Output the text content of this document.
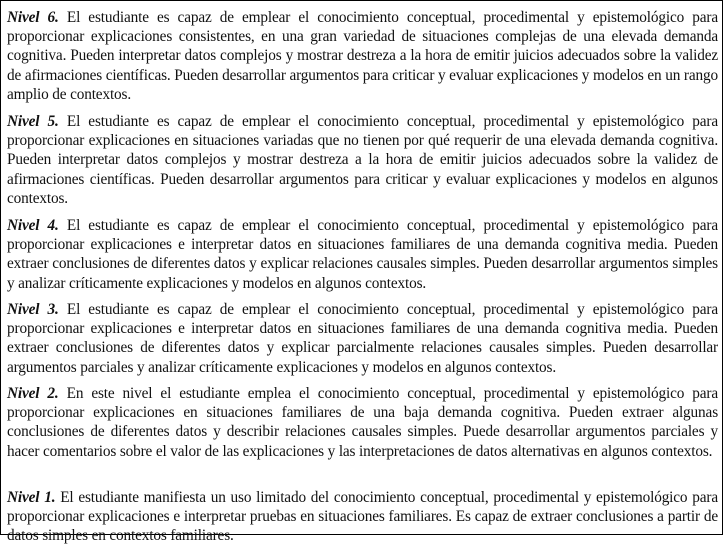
Nivel 6. El estudiante es capaz de emplear el conocimiento conceptual, procedimental y epistemológico para proporcionar explicaciones consistentes, en una gran variedad de situaciones complejas de una elevada demanda cognitiva. Pueden interpretar datos complejos y mostrar destreza a la hora de emitir juicios adecuados sobre la validez de afirmaciones científicas. Pueden desarrollar argumentos para criticar y evaluar explicaciones y modelos en un rango amplio de contextos.

Nivel 5. El estudiante es capaz de emplear el conocimiento conceptual, procedimental y epistemológico para proporcionar explicaciones en situaciones variadas que no tienen por qué requerir de una elevada demanda cognitiva. Pueden interpretar datos complejos y mostrar destreza a la hora de emitir juicios adecuados sobre la validez de afirmaciones científicas. Pueden desarrollar argumentos para criticar y evaluar explicaciones y modelos en algunos contextos.

Nivel 4. El estudiante es capaz de emplear el conocimiento conceptual, procedimental y epistemológico para proporcionar explicaciones e interpretar datos en situaciones familiares de una demanda cognitiva media. Pueden extraer conclusiones de diferentes datos y explicar relaciones causales simples. Pueden desarrollar argumentos simples y analizar críticamente explicaciones y modelos en algunos contextos.

Nivel 3. El estudiante es capaz de emplear el conocimiento conceptual, procedimental y epistemológico para proporcionar explicaciones e interpretar datos en situaciones familiares de una demanda cognitiva media. Pueden extraer conclusiones de diferentes datos y explicar parcialmente relaciones causales simples. Pueden desarrollar argumentos parciales y analizar críticamente explicaciones y modelos en algunos contextos.

Nivel 2. En este nivel el estudiante emplea el conocimiento conceptual, procedimental y epistemológico para proporcionar explicaciones en situaciones familiares de una baja demanda cognitiva. Pueden extraer algunas conclusiones de diferentes datos y describir relaciones causales simples. Puede desarrollar argumentos parciales y hacer comentarios sobre el valor de las explicaciones y las interpretaciones de datos alternativas en algunos contextos.

Nivel 1. El estudiante manifiesta un uso limitado del conocimiento conceptual, procedimental y epistemológico para proporcionar explicaciones e interpretar pruebas en situaciones familiares. Es capaz de extraer conclusiones a partir de datos simples en contextos familiares.
